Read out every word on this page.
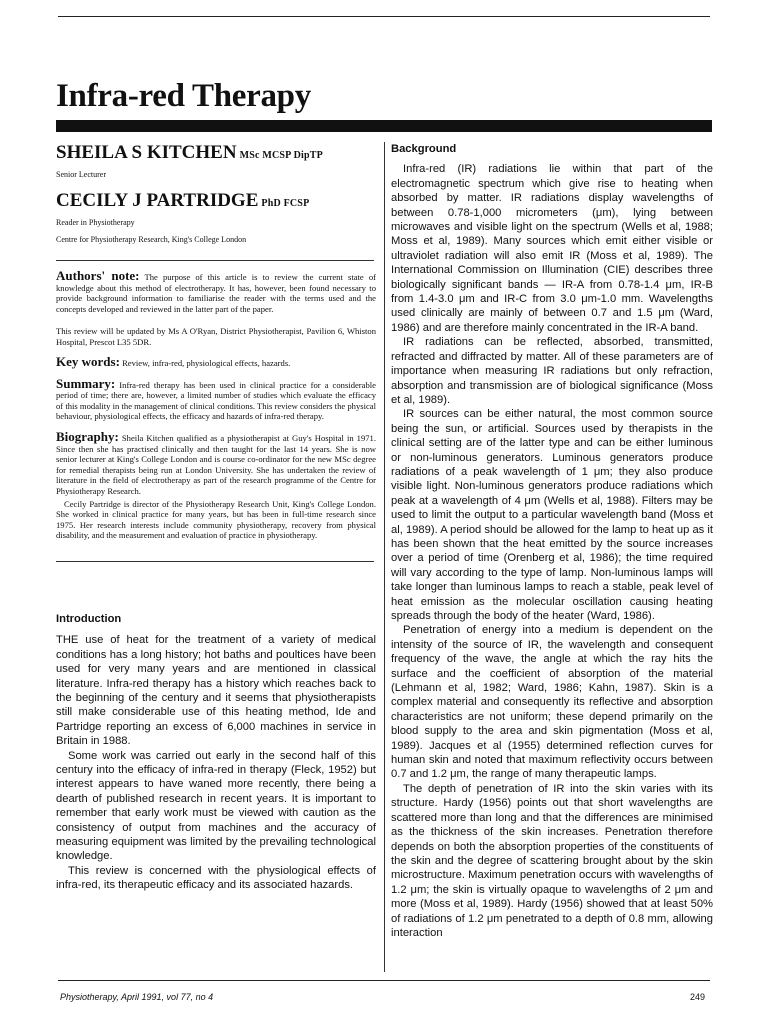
Infra-red Therapy

SHEILA S KITCHEN MSc MCSP DipTP

Senior Lecturer

CECILY J PARTRIDGE PhD FCSP

Reader in Physiotherapy

Centre for Physiotherapy Research, King's College London

Authors' note: The purpose of this article is to review the current state of knowledge about this method of electrotherapy. It has, however, been found necessary to provide background information to familiarise the reader with the terms used and the concepts developed and reviewed in the latter part of the paper.

This review will be updated by Ms A O'Ryan, District Physiotherapist, Pavilion 6, Whiston Hospital, Prescot L35 5DR.

Key words: Review, infra-red, physiological effects, hazards.

Summary: Infra-red therapy has been used in clinical practice for a considerable period of time; there are, however, a limited number of studies which evaluate the efficacy of this modality in the management of clinical conditions. This review considers the physical behaviour, physiological effects, the efficacy and hazards of infra-red therapy.

Biography: Sheila Kitchen qualified as a physiotherapist at Guy's Hospital in 1971. Since then she has practised clinically and then taught for the last 14 years. She is now senior lecturer at King's College London and is course co-ordinator for the new MSc degree for remedial therapists being run at London University. She has undertaken the review of literature in the field of electrotherapy as part of the research programme of the Centre for Physiotherapy Research.

Cecily Partridge is director of the Physiotherapy Research Unit, King's College London. She worked in clinical practice for many years, but has been in full-time research since 1975. Her research interests include community physiotherapy, recovery from physical disability, and the measurement and evaluation of practice in physiotherapy.

Introduction

THE use of heat for the treatment of a variety of medical conditions has a long history; hot baths and poultices have been used for very many years and are mentioned in classical literature. Infra-red therapy has a history which reaches back to the beginning of the century and it seems that physiotherapists still make considerable use of this heating method, Ide and Partridge reporting an excess of 6,000 machines in service in Britain in 1988.

Some work was carried out early in the second half of this century into the efficacy of infra-red in therapy (Fleck, 1952) but interest appears to have waned more recently, there being a dearth of published research in recent years. It is important to remember that early work must be viewed with caution as the consistency of output from machines and the accuracy of measuring equipment was limited by the prevailing technological knowledge.

This review is concerned with the physiological effects of infra-red, its therapeutic efficacy and its associated hazards.

Background

Infra-red (IR) radiations lie within that part of the electromagnetic spectrum which give rise to heating when absorbed by matter. IR radiations display wavelengths of between 0.78-1,000 micrometers (μm), lying between microwaves and visible light on the spectrum (Wells et al, 1988; Moss et al, 1989). Many sources which emit either visible or ultraviolet radiation will also emit IR (Moss et al, 1989). The International Commission on Illumination (CIE) describes three biologically significant bands — IR-A from 0.78-1.4 μm, IR-B from 1.4-3.0 μm and IR-C from 3.0 μm-1.0 mm. Wavelengths used clinically are mainly of between 0.7 and 1.5 μm (Ward, 1986) and are therefore mainly concentrated in the IR-A band.

IR radiations can be reflected, absorbed, transmitted, refracted and diffracted by matter. All of these parameters are of importance when measuring IR radiations but only refraction, absorption and transmission are of biological significance (Moss et al, 1989).

IR sources can be either natural, the most common source being the sun, or artificial. Sources used by therapists in the clinical setting are of the latter type and can be either luminous or non-luminous generators. Luminous generators produce radiations of a peak wavelength of 1 μm; they also produce visible light. Non-luminous generators produce radiations which peak at a wavelength of 4 μm (Wells et al, 1988). Filters may be used to limit the output to a particular wavelength band (Moss et al, 1989). A period should be allowed for the lamp to heat up as it has been shown that the heat emitted by the source increases over a period of time (Orenberg et al, 1986); the time required will vary according to the type of lamp. Non-luminous lamps will take longer than luminous lamps to reach a stable, peak level of heat emission as the molecular oscillation causing heating spreads through the body of the heater (Ward, 1986).

Penetration of energy into a medium is dependent on the intensity of the source of IR, the wavelength and consequent frequency of the wave, the angle at which the ray hits the surface and the coefficient of absorption of the material (Lehmann et al, 1982; Ward, 1986; Kahn, 1987). Skin is a complex material and consequently its reflective and absorption characteristics are not uniform; these depend primarily on the blood supply to the area and skin pigmentation (Moss et al, 1989). Jacques et al (1955) determined reflection curves for human skin and noted that maximum reflectivity occurs between 0.7 and 1.2 μm, the range of many therapeutic lamps.

The depth of penetration of IR into the skin varies with its structure. Hardy (1956) points out that short wavelengths are scattered more than long and that the differences are minimised as the thickness of the skin increases. Penetration therefore depends on both the absorption properties of the constituents of the skin and the degree of scattering brought about by the skin microstructure. Maximum penetration occurs with wavelengths of 1.2 μm; the skin is virtually opaque to wavelengths of 2 μm and more (Moss et al, 1989). Hardy (1956) showed that at least 50% of radiations of 1.2 μm penetrated to a depth of 0.8 mm, allowing interaction

Physiotherapy, April 1991, vol 77, no 4	249
